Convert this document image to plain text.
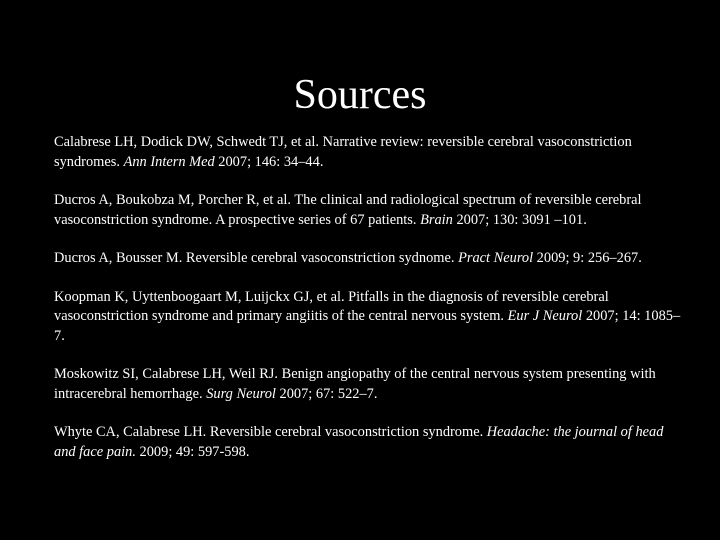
Sources

Calabrese LH, Dodick DW, Schwedt TJ, et al. Narrative review: reversible cerebral vasoconstriction syndromes. Ann Intern Med 2007; 146: 34–44.

Ducros A, Boukobza M, Porcher R, et al. The clinical and radiological spectrum of reversible cerebral vasoconstriction syndrome. A prospective series of 67 patients. Brain 2007; 130: 3091 –101.

Ducros A, Bousser M. Reversible cerebral vasoconstriction sydnome. Pract Neurol 2009; 9: 256–267.

Koopman K, Uyttenboogaart M, Luijckx GJ, et al. Pitfalls in the diagnosis of reversible cerebral vasoconstriction syndrome and primary angiitis of the central nervous system. Eur J Neurol 2007; 14: 1085–7.

Moskowitz SI, Calabrese LH, Weil RJ. Benign angiopathy of the central nervous system presenting with intracerebral hemorrhage. Surg Neurol 2007; 67: 522–7.

Whyte CA, Calabrese LH. Reversible cerebral vasoconstriction syndrome. Headache: the journal of head and face pain. 2009; 49: 597-598.
